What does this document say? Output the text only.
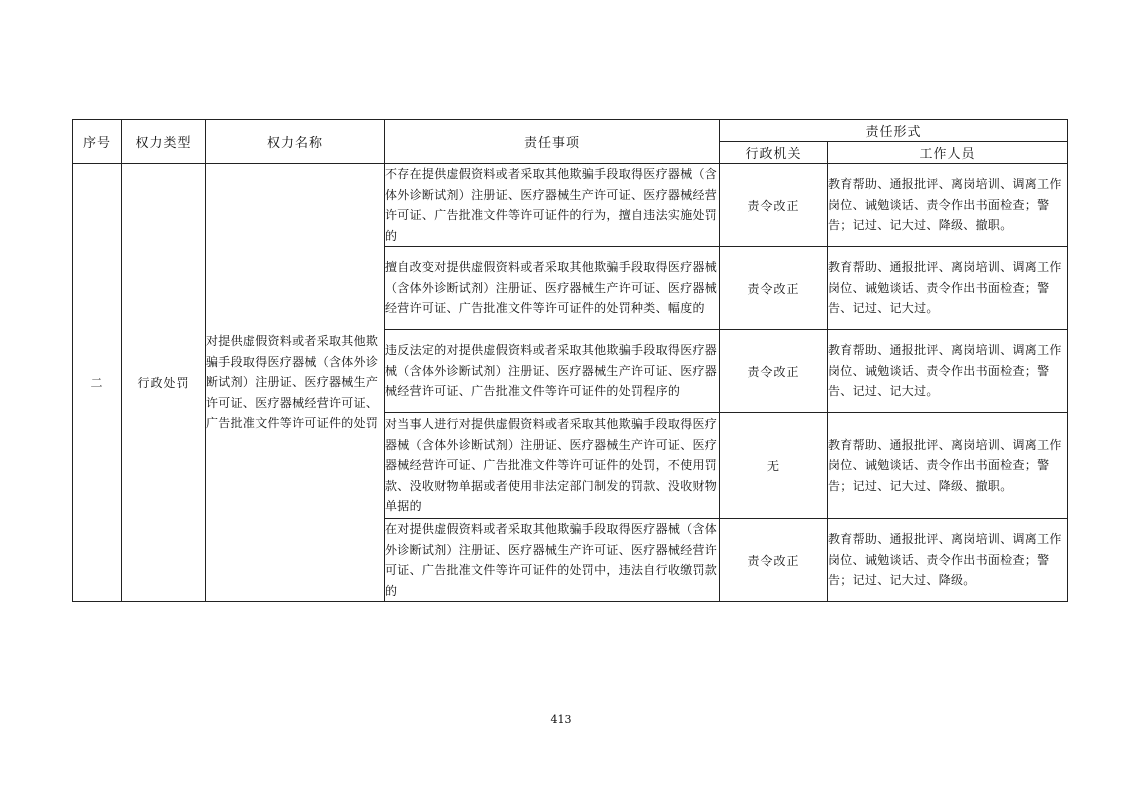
序号	权力类型	权力名称	责任事项	责任形式	
				行政机关	工作人员
二	行政处罚	对提供虚假资料或者采取其他欺骗手段取得医疗器械（含体外诊断试剂）注册证、医疗器械生产许可证、医疗器械经营许可证、广告批准文件等许可证件的处罚	不存在提供虚假资料或者采取其他欺骗手段取得医疗器械（含体外诊断试剂）注册证、医疗器械生产许可证、医疗器械经营许可证、广告批准文件等许可证件的行为，擅自违法实施处罚的	责令改正	教育帮助、通报批评、离岗培训、调离工作岗位、诫勉谈话、责令作出书面检查；警告；记过、记大过、降级、撤职。
			擅自改变对提供虚假资料或者采取其他欺骗手段取得医疗器械（含体外诊断试剂）注册证、医疗器械生产许可证、医疗器械经营许可证、广告批准文件等许可证件的处罚种类、幅度的	责令改正	教育帮助、通报批评、离岗培训、调离工作岗位、诫勉谈话、责令作出书面检查；警告、记过、记大过。
			违反法定的对提供虚假资料或者采取其他欺骗手段取得医疗器械（含体外诊断试剂）注册证、医疗器械生产许可证、医疗器械经营许可证、广告批准文件等许可证件的处罚程序的	责令改正	教育帮助、通报批评、离岗培训、调离工作岗位、诫勉谈话、责令作出书面检查；警告、记过、记大过。
			对当事人进行对提供虚假资料或者采取其他欺骗手段取得医疗器械（含体外诊断试剂）注册证、医疗器械生产许可证、医疗器械经营许可证、广告批准文件等许可证件的处罚，不使用罚款、没收财物单据或者使用非法定部门制发的罚款、没收财物单据的	无	教育帮助、通报批评、离岗培训、调离工作岗位、诫勉谈话、责令作出书面检查；警告；记过、记大过、降级、撤职。
			在对提供虚假资料或者采取其他欺骗手段取得医疗器械（含体外诊断试剂）注册证、医疗器械生产许可证、医疗器械经营许可证、广告批准文件等许可证件的处罚中，违法自行收缴罚款的	责令改正	教育帮助、通报批评、离岗培训、调离工作岗位、诫勉谈话、责令作出书面检查；警告；记过、记大过、降级。
413
